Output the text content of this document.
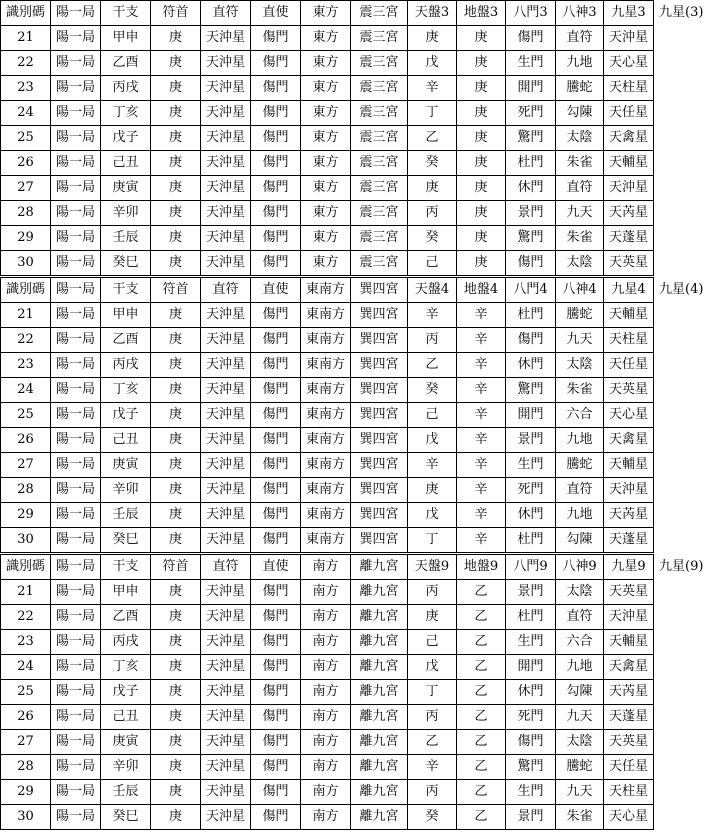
識別碼	陽一局	干支	符首	直符	直使	東方	震三宮	天盤3	地盤3	八門3	八神3	九星3	九星(3)
21	陽一局	甲申	庚	天沖星	傷門	東方	震三宮	庚	庚	傷門	直符	天沖星	
22	陽一局	乙酉	庚	天沖星	傷門	東方	震三宮	戊	庚	生門	九地	天心星	
23	陽一局	丙戌	庚	天沖星	傷門	東方	震三宮	辛	庚	開門	騰蛇	天柱星	
24	陽一局	丁亥	庚	天沖星	傷門	東方	震三宮	丁	庚	死門	勾陳	天任星	
25	陽一局	戊子	庚	天沖星	傷門	東方	震三宮	乙	庚	驚門	太陰	天禽星	
26	陽一局	己丑	庚	天沖星	傷門	東方	震三宮	癸	庚	杜門	朱雀	天輔星	
27	陽一局	庚寅	庚	天沖星	傷門	東方	震三宮	庚	庚	休門	直符	天沖星	
28	陽一局	辛卯	庚	天沖星	傷門	東方	震三宮	丙	庚	景門	九天	天芮星	
29	陽一局	壬辰	庚	天沖星	傷門	東方	震三宮	癸	庚	驚門	朱雀	天蓬星	
30	陽一局	癸巳	庚	天沖星	傷門	東方	震三宮	己	庚	傷門	太陰	天英星	
識別碼	陽一局	干支	符首	直符	直使	東南方	巽四宮	天盤4	地盤4	八門4	八神4	九星4	九星(4)
21	陽一局	甲申	庚	天沖星	傷門	東南方	巽四宮	辛	辛	杜門	騰蛇	天輔星	
22	陽一局	乙酉	庚	天沖星	傷門	東南方	巽四宮	丙	辛	傷門	九天	天柱星	
23	陽一局	丙戌	庚	天沖星	傷門	東南方	巽四宮	乙	辛	休門	太陰	天任星	
24	陽一局	丁亥	庚	天沖星	傷門	東南方	巽四宮	癸	辛	驚門	朱雀	天英星	
25	陽一局	戊子	庚	天沖星	傷門	東南方	巽四宮	己	辛	開門	六合	天心星	
26	陽一局	己丑	庚	天沖星	傷門	東南方	巽四宮	戊	辛	景門	九地	天禽星	
27	陽一局	庚寅	庚	天沖星	傷門	東南方	巽四宮	辛	辛	生門	騰蛇	天輔星	
28	陽一局	辛卯	庚	天沖星	傷門	東南方	巽四宮	庚	辛	死門	直符	天沖星	
29	陽一局	壬辰	庚	天沖星	傷門	東南方	巽四宮	戊	辛	休門	九地	天芮星	
30	陽一局	癸巳	庚	天沖星	傷門	東南方	巽四宮	丁	辛	杜門	勾陳	天蓬星	
識別碼	陽一局	干支	符首	直符	直使	南方	離九宮	天盤9	地盤9	八門9	八神9	九星9	九星(9)
21	陽一局	甲申	庚	天沖星	傷門	南方	離九宮	丙	乙	景門	太陰	天英星	
22	陽一局	乙酉	庚	天沖星	傷門	南方	離九宮	庚	乙	杜門	直符	天沖星	
23	陽一局	丙戌	庚	天沖星	傷門	南方	離九宮	己	乙	生門	六合	天輔星	
24	陽一局	丁亥	庚	天沖星	傷門	南方	離九宮	戊	乙	開門	九地	天禽星	
25	陽一局	戊子	庚	天沖星	傷門	南方	離九宮	丁	乙	休門	勾陳	天芮星	
26	陽一局	己丑	庚	天沖星	傷門	南方	離九宮	丙	乙	死門	九天	天蓬星	
27	陽一局	庚寅	庚	天沖星	傷門	南方	離九宮	乙	乙	傷門	太陰	天英星	
28	陽一局	辛卯	庚	天沖星	傷門	南方	離九宮	辛	乙	驚門	騰蛇	天任星	
29	陽一局	壬辰	庚	天沖星	傷門	南方	離九宮	丙	乙	生門	九天	天柱星	
30	陽一局	癸巳	庚	天沖星	傷門	南方	離九宮	癸	乙	景門	朱雀	天心星	
